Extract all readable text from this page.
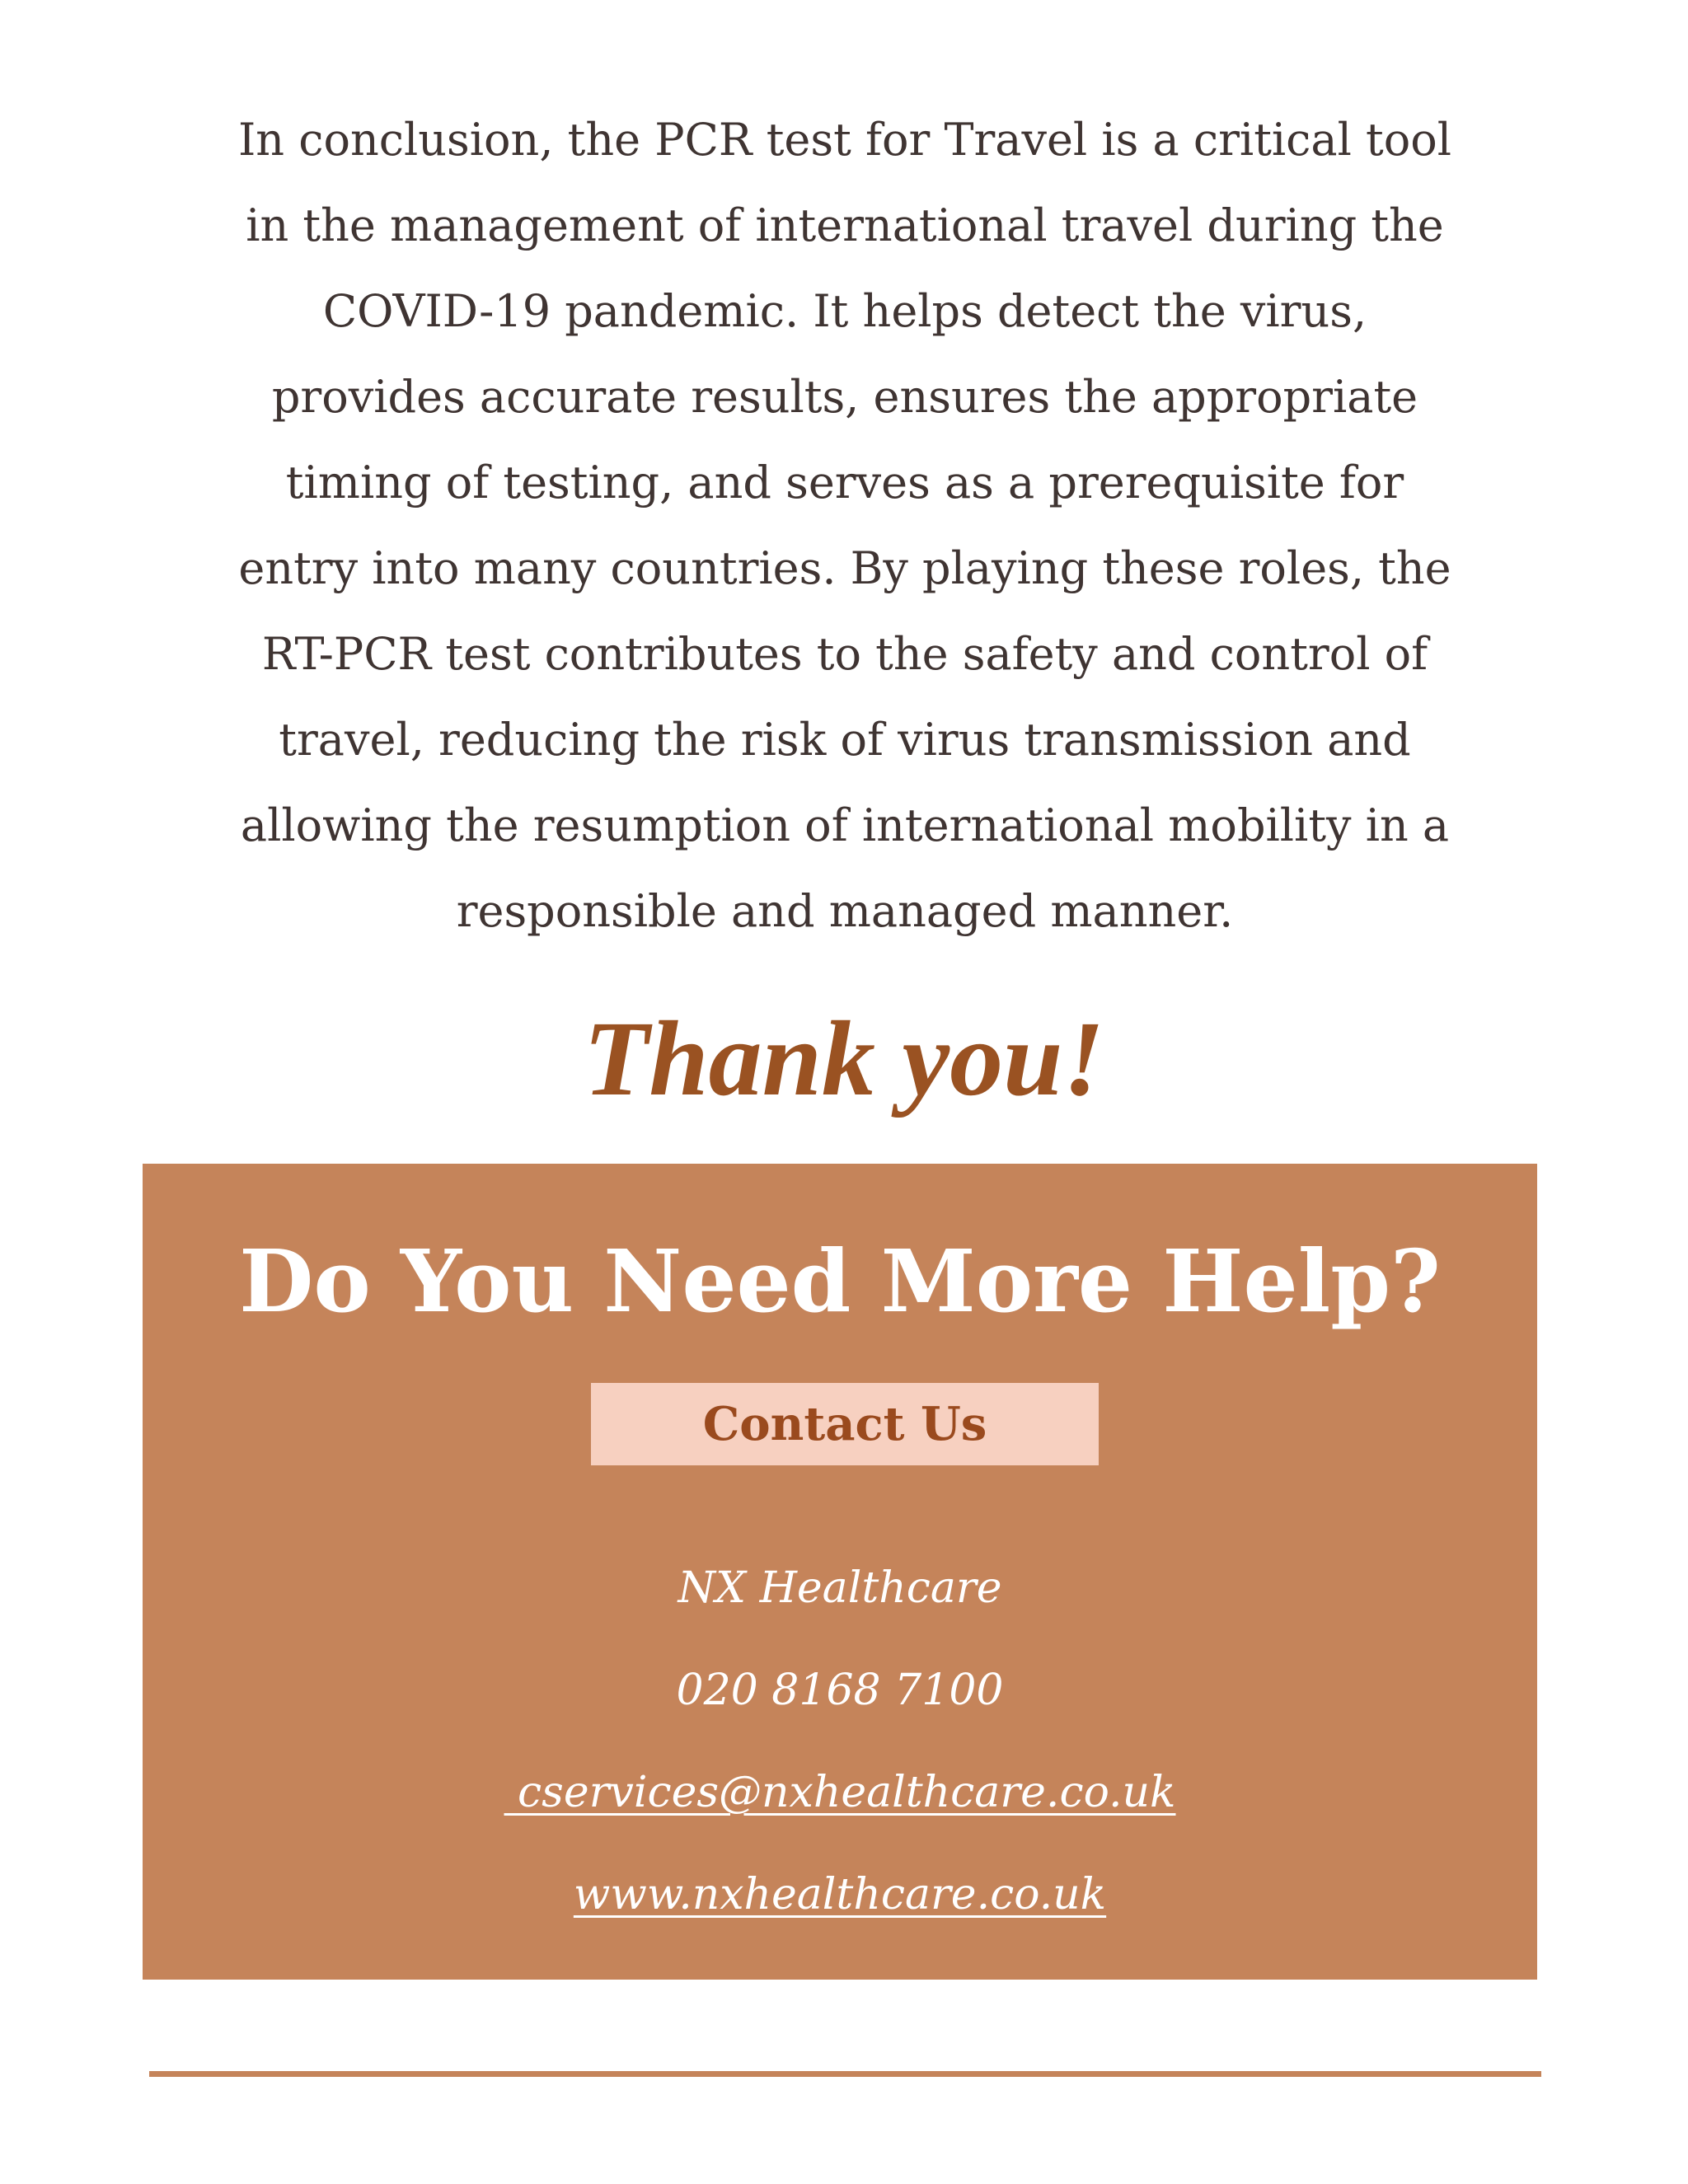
In conclusion, the PCR test for Travel is a critical tool
in the management of international travel during the
COVID-19 pandemic. It helps detect the virus,
provides accurate results, ensures the appropriate
timing of testing, and serves as a prerequisite for
entry into many countries. By playing these roles, the
RT-PCR test contributes to the safety and control of
travel, reducing the risk of virus transmission and
allowing the resumption of international mobility in a
responsible and managed manner.

Thank you!
Do You Need More Help?
Contact Us

NX Healthcare

020 8168 7100

cservices@nxhealthcare.co.uk

www.nxhealthcare.co.uk
